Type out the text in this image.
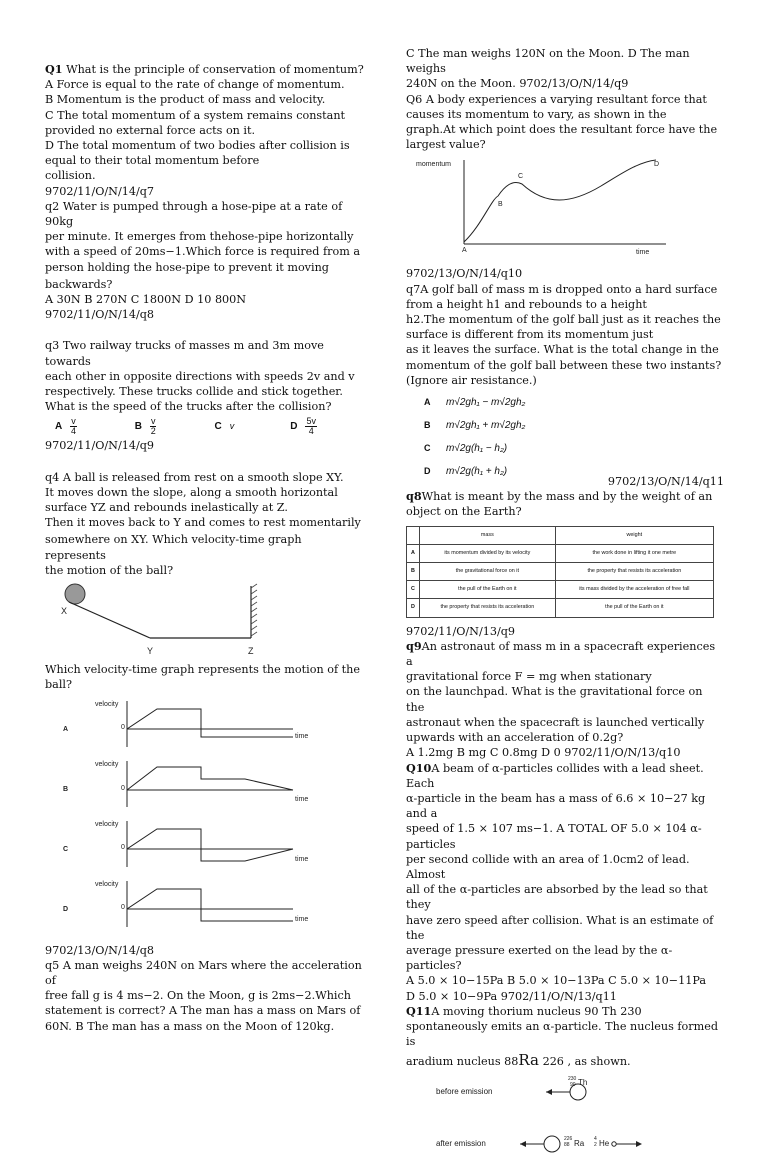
Q1 What is the principle of conservation of momentum?

A Force is equal to the rate of change of momentum.

B Momentum is the product of mass and velocity.

C The total momentum of a system remains constant

provided no external force acts on it.

D The total momentum of two bodies after collision is

equal to their total momentum before

collision.

9702/11/O/N/14/q7

q2 Water is pumped through a hose-pipe at a rate of 90kg

per minute. It emerges from thehose-pipe horizontally

with a speed of 20ms−1.Which force is required from a

person holding the hose-pipe to prevent it moving

backwards?

A 30N B 270N C 1800N D 10 800N

9702/11/O/N/14/q8

q3 Two railway trucks of masses m and 3m move towards

each other in opposite directions with speeds 2v and v

respectively. These trucks collide and stick together.

What is the speed of the trucks after the collision?

A $\frac{v}{4}$	B $\frac{v}{2}$	C v	D $\frac{5v}{4}$

9702/11/O/N/14/q9

q4 A ball is released from rest on a smooth slope XY.

It moves down the slope, along a smooth horizontal

surface YZ and rebounds inelastically at Z.

Then it moves back to Y and comes to rest momentarily

somewhere on XY. Which velocity-time graph represents

the motion of the ball?

X
Y	Z

Which velocity-time graph represents the motion of the

ball?

A
velocity
0
time
B
velocity
0
time
C
velocity
0
time
D
velocity
0
time

9702/13/O/N/14/q8

q5 A man weighs 240N on Mars where the acceleration of

free fall g is 4 ms−2. On the Moon, g is 2ms−2.Which

statement is correct? A The man has a mass on Mars of

60N. B The man has a mass on the Moon of 120kg.

C The man weighs 120N on the Moon. D The man weighs

240N on the Moon. 9702/13/O/N/14/q9

Q6 A body experiences a varying resultant force that

causes its momentum to vary, as shown in the

graph.At which point does the resultant force have the

largest value?

momentum
A
B
C
D
time

9702/13/O/N/14/q10

q7A golf ball of mass m is dropped onto a hard surface

from a height h1 and rebounds to a height

h2.The momentum of the golf ball just as it reaches the

surface is different from its momentum just

as it leaves the surface. What is the total change in the

momentum of the golf ball between these two instants?

(Ignore air resistance.)

A	m√2gh₁ − m√2gh₂
B	m√2gh₁ + m√2gh₂
C	m√2g(h₁ − h₂)
D	m√2g(h₁ + h₂)

9702/13/O/N/14/q11

q8What is meant by the mass and by the weight of an

object on the Earth?

	mass	weight
A	its momentum divided by its velocity	the work done in lifting it one metre
B	the gravitational force on it	the property that resists its acceleration
C	the pull of the Earth on it	its mass divided by the acceleration of free fall
D	the property that resists its acceleration	the pull of the Earth on it

9702/11/O/N/13/q9

q9An astronaut of mass m in a spacecraft experiences a

gravitational force F = mg when stationary

on the launchpad. What is the gravitational force on the

astronaut when the spacecraft is launched vertically

upwards with an acceleration of 0.2g?

A 1.2mg B mg C 0.8mg D 0 9702/11/O/N/13/q10

Q10A beam of α-particles collides with a lead sheet. Each

α-particle in the beam has a mass of 6.6 × 10−27 kg and a

speed of 1.5 × 107 ms−1. A TOTAL OF 5.0 × 104 α-particles

per second collide with an area of 1.0cm2 of lead. Almost

all of the α-particles are absorbed by the lead so that they

have zero speed after collision. What is an estimate of the

average pressure exerted on the lead by the α-particles?

A 5.0 × 10−15Pa B 5.0 × 10−13Pa C 5.0 × 10−11Pa

D 5.0 × 10−9Pa 9702/11/O/N/13/q11

Q11A moving thorium nucleus 90 Th 230

spontaneously emits an α-particle. The nucleus formed is

aradium nucleus 88Ra 226 , as shown.

before emission
230
90 Th
after emission	226
88 Ra 4
2 He
